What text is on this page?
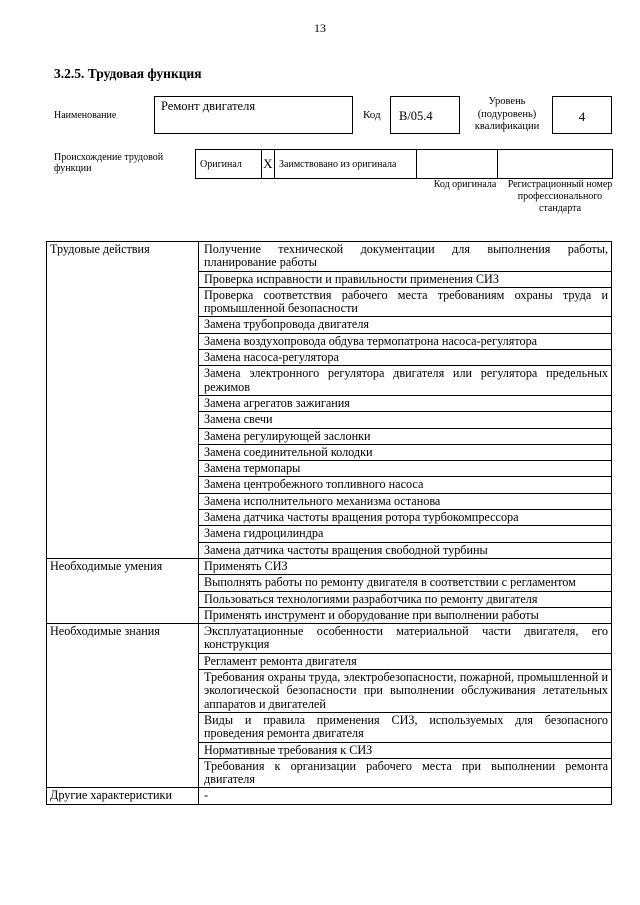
13
3.2.5. Трудовая функция
Наименование
Ремонт двигателя
Код	B/05.4
Уровень (подуровень) квалификации
4
Происхождение трудовой функции	Оригинал	X	Заимствовано из оригинала		
Код оригинала	Регистрационный номер профессионального стандарта
Трудовые действия	Получение технической документации для выполнения работы, планирование работы
	Проверка исправности и правильности применения СИЗ
	Проверка соответствия рабочего места требованиям охраны труда и промышленной безопасности
	Замена трубопровода двигателя
	Замена воздухопровода обдува термопатрона насоса-регулятора
	Замена насоса-регулятора
	Замена электронного регулятора двигателя или регулятора предельных режимов
	Замена агрегатов зажигания
	Замена свечи
	Замена регулирующей заслонки
	Замена соединительной колодки
	Замена термопары
	Замена центробежного топливного насоса
	Замена исполнительного механизма останова
	Замена датчика частоты вращения ротора турбокомпрессора
	Замена гидроцилиндра
	Замена датчика частоты вращения свободной турбины
Необходимые умения	Применять СИЗ
	Выполнять работы по ремонту двигателя в соответствии с регламентом
	Пользоваться технологиями разработчика по ремонту двигателя
	Применять инструмент и оборудование при выполнении работы
Необходимые знания	Эксплуатационные особенности материальной части двигателя, его конструкция
	Регламент ремонта двигателя
	Требования охраны труда, электробезопасности, пожарной, промышленной и экологической безопасности при выполнении обслуживания летательных аппаратов и двигателей
	Виды и правила применения СИЗ, используемых для безопасного проведения ремонта двигателя
	Нормативные требования к СИЗ
	Требования к организации рабочего места при выполнении ремонта двигателя
Другие характеристики	-
